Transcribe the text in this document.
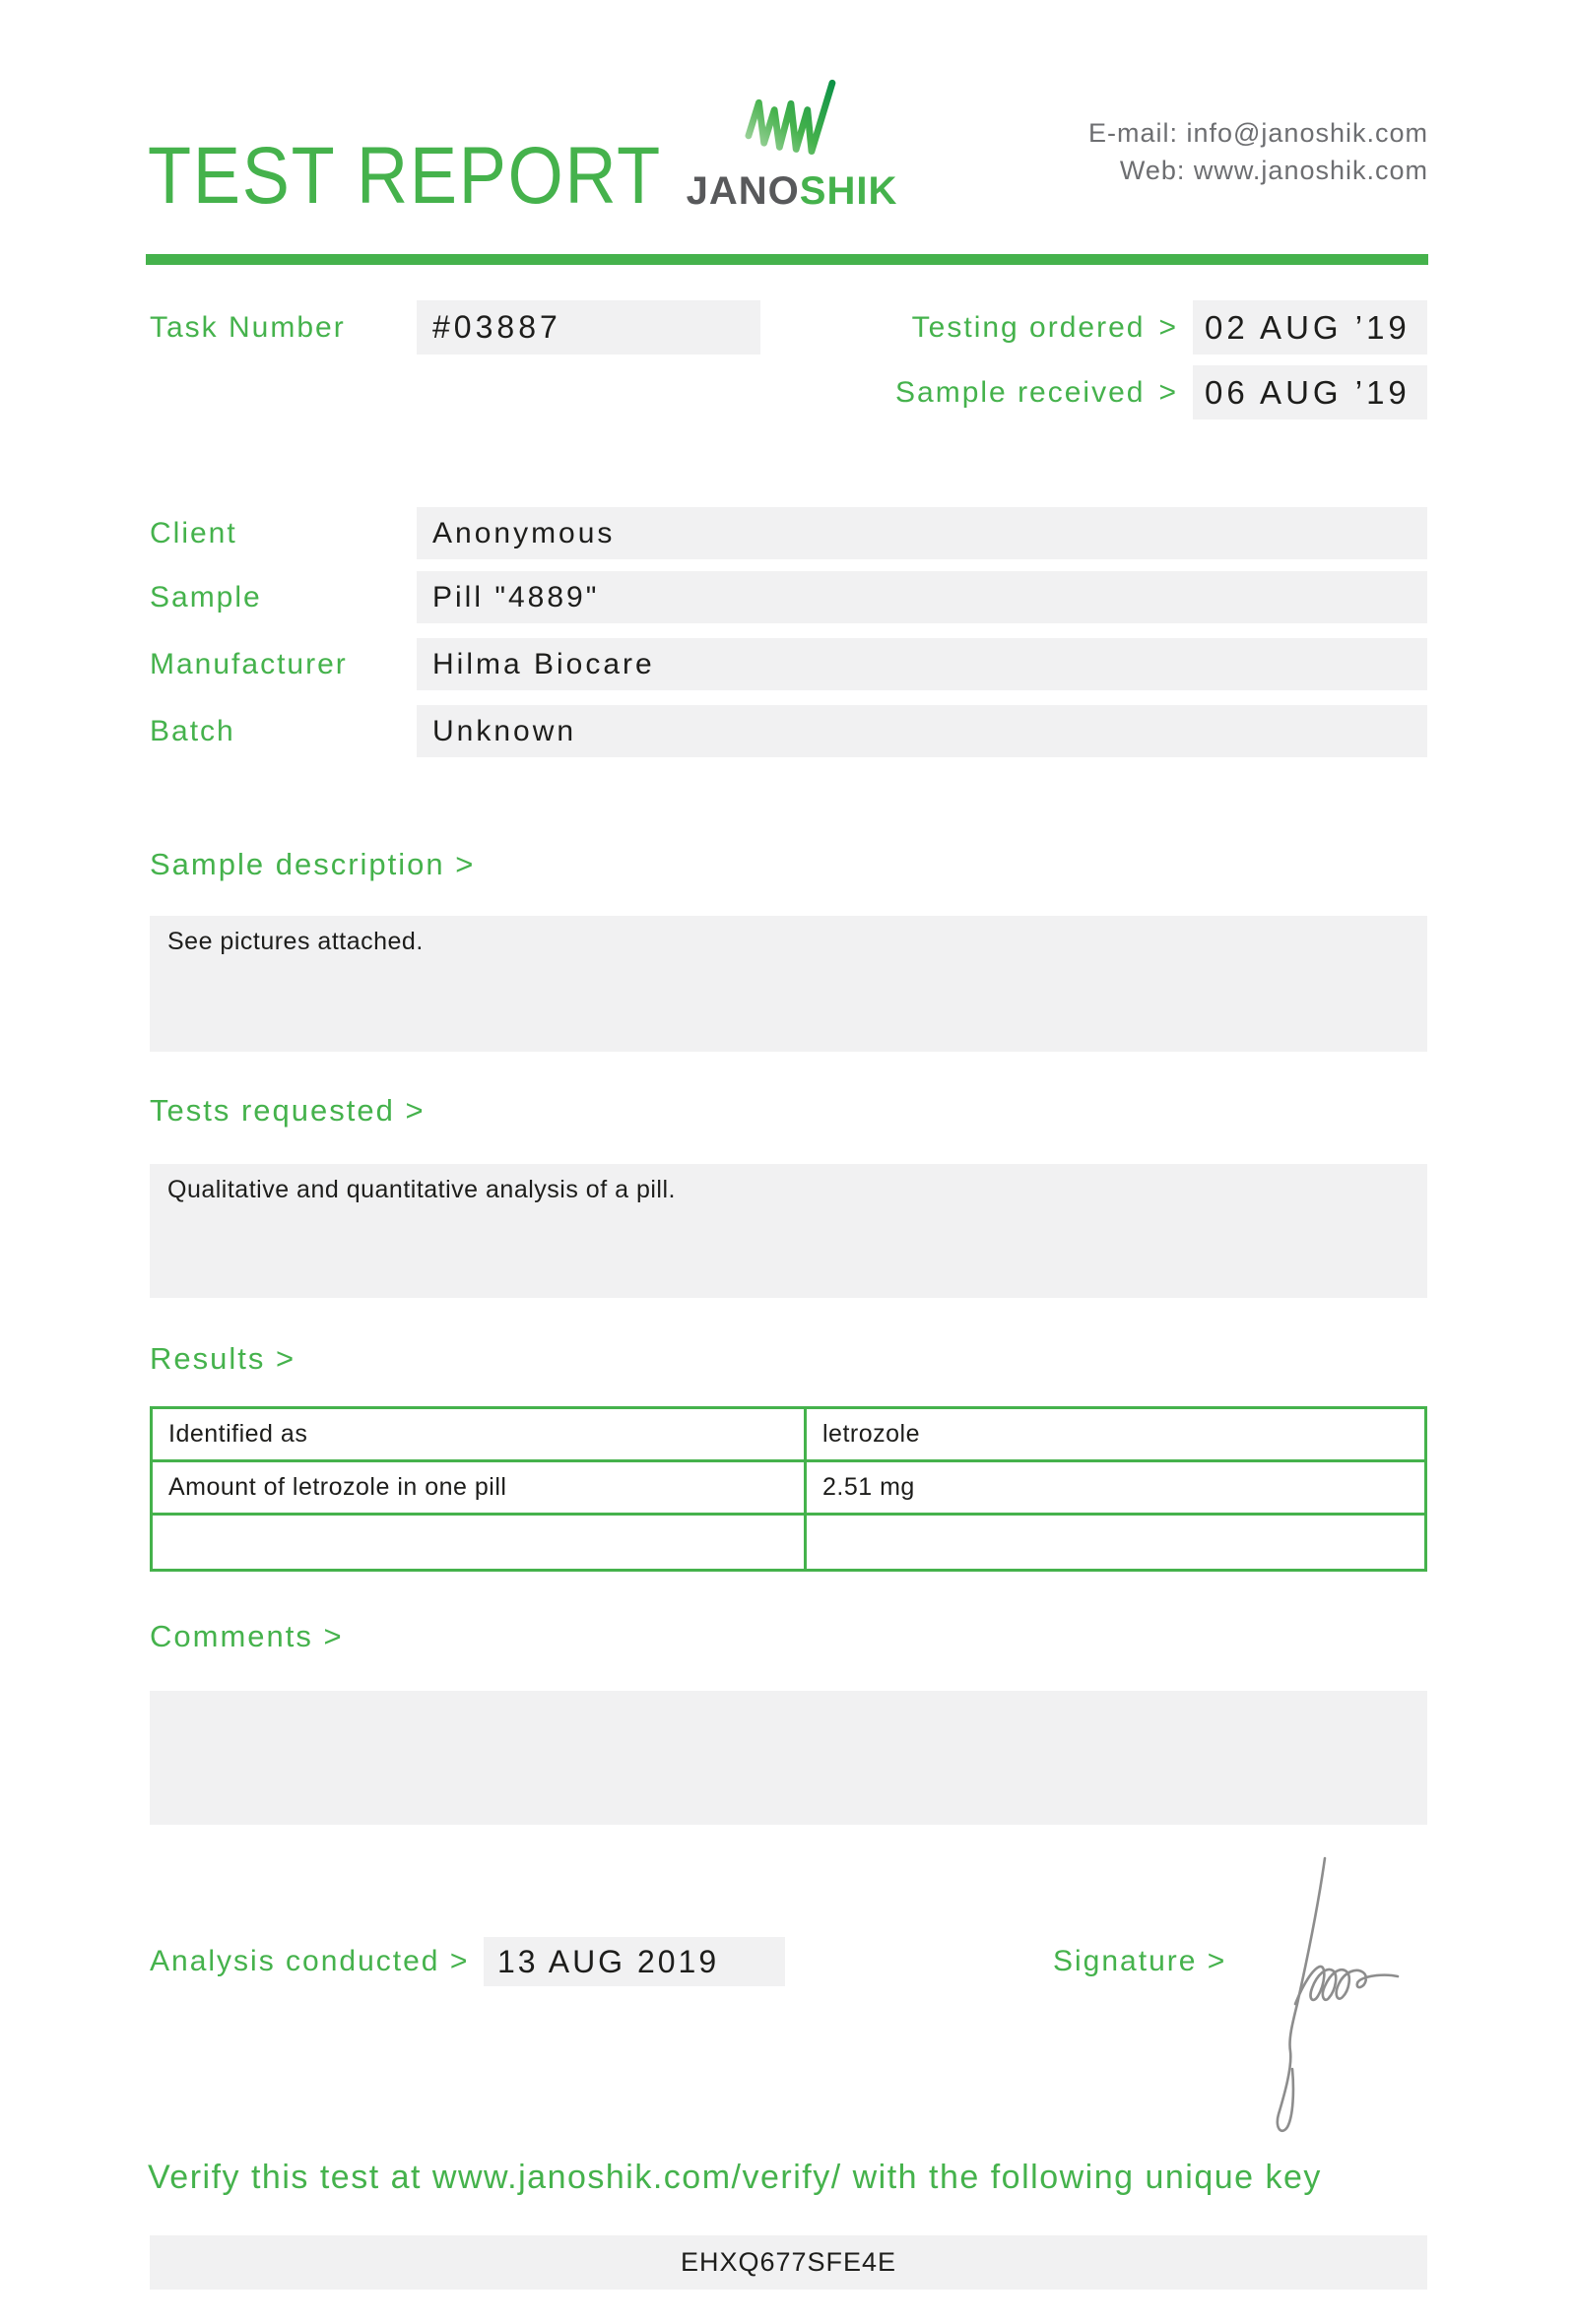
TEST REPORT JANOSHIK
E-mail: info@janoshik.com
Web: www.janoshik.com
Task Number	#03887	Testing ordered > 02 AUG ’19
Sample received > 06 AUG ’19
Client	Anonymous
Sample	Pill "4889"
Manufacturer	Hilma Biocare
Batch	Unknown
Sample description >
See pictures attached.
Tests requested >
Qualitative and quantitative analysis of a pill.
Results >
Identified as	letrozole
Amount of letrozole in one pill	2.51 mg

Comments >
Analysis conducted > 13 AUG 2019	Signature >
Verify this test at www.janoshik.com/verify/ with the following unique key
EHXQ677SFE4E
